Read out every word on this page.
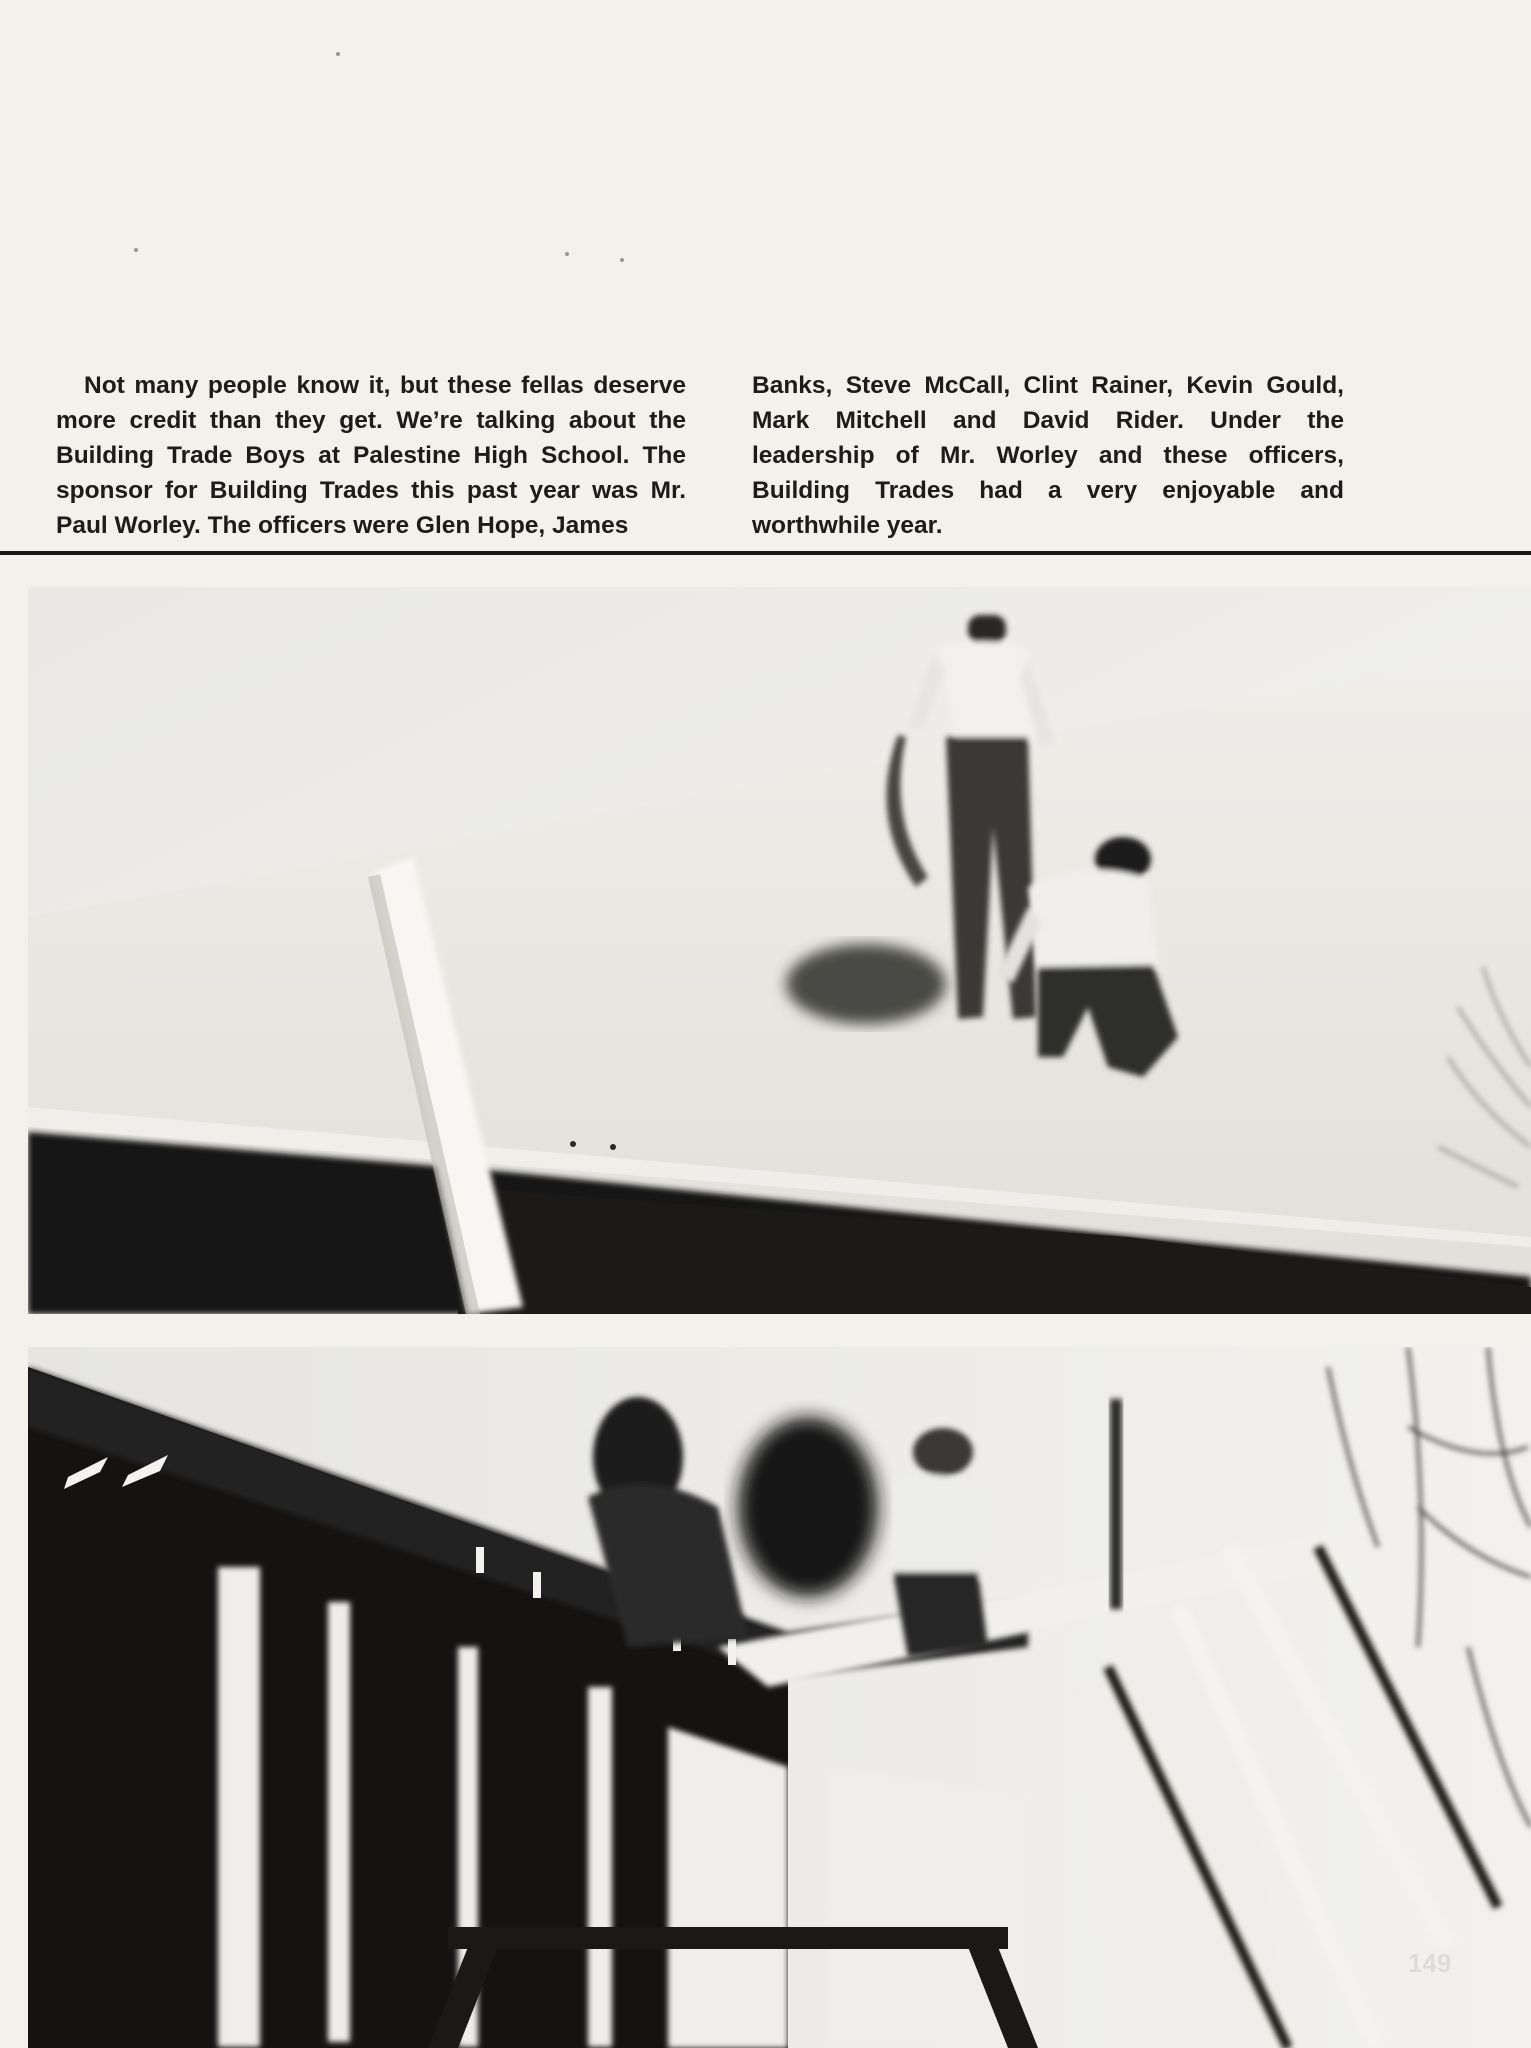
Not many people know it, but these fellas deserve more credit than they get. We’re talking about the Building Trade Boys at Palestine High School. The sponsor for Building Trades this past year was Mr. Paul Worley. The officers were Glen Hope, James

Banks, Steve McCall, Clint Rainer, Kevin Gould, Mark Mitchell and David Rider. Under the leadership of Mr. Worley and these officers, Building Trades had a very enjoyable and worthwhile year.

149
